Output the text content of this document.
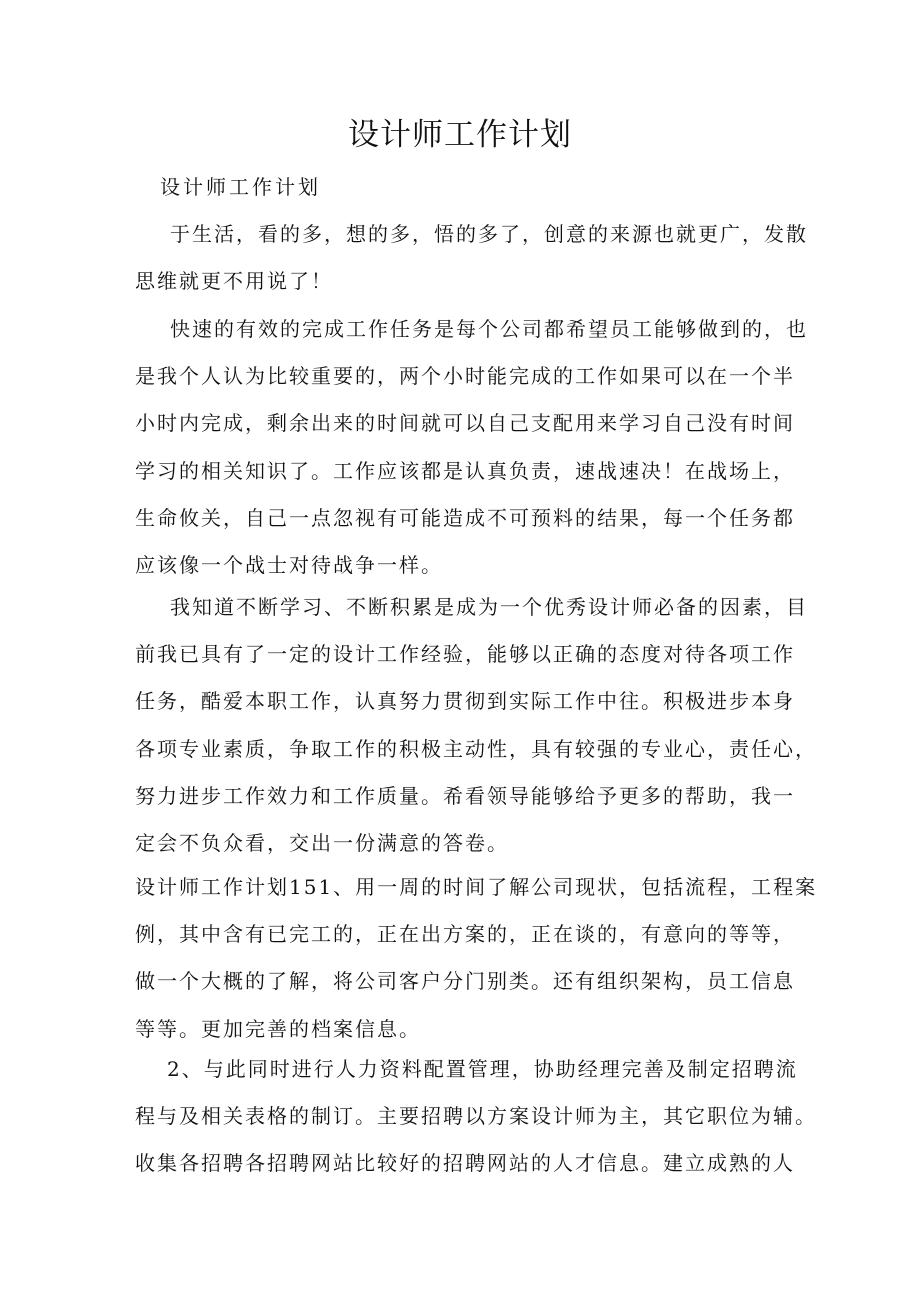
设计师工作计划

设计师工作计划

于生活，看的多，想的多，悟的多了，创意的来源也就更广，发散
思维就更不用说了！

快速的有效的完成工作任务是每个公司都希望员工能够做到的，也
是我个人认为比较重要的，两个小时能完成的工作如果可以在一个半
小时内完成，剩余出来的时间就可以自己支配用来学习自己没有时间
学习的相关知识了。工作应该都是认真负责，速战速决！在战场上，
生命攸关，自己一点忽视有可能造成不可预料的结果，每一个任务都
应该像一个战士对待战争一样。

我知道不断学习、不断积累是成为一个优秀设计师必备的因素，目
前我已具有了一定的设计工作经验，能够以正确的态度对待各项工作
任务，酷爱本职工作，认真努力贯彻到实际工作中往。积极进步本身
各项专业素质，争取工作的积极主动性，具有较强的专业心，责任心，
努力进步工作效力和工作质量。希看领导能够给予更多的帮助，我一
定会不负众看，交出一份满意的答卷。

设计师工作计划151、用一周的时间了解公司现状，包括流程，工程案
例，其中含有已完工的，正在出方案的，正在谈的，有意向的等等，
做一个大概的了解，将公司客户分门别类。还有组织架构，员工信息
等等。更加完善的档案信息。

2、与此同时进行人力资料配置管理，协助经理完善及制定招聘流
程与及相关表格的制订。主要招聘以方案设计师为主，其它职位为辅。
收集各招聘各招聘网站比较好的招聘网站的人才信息。建立成熟的人
